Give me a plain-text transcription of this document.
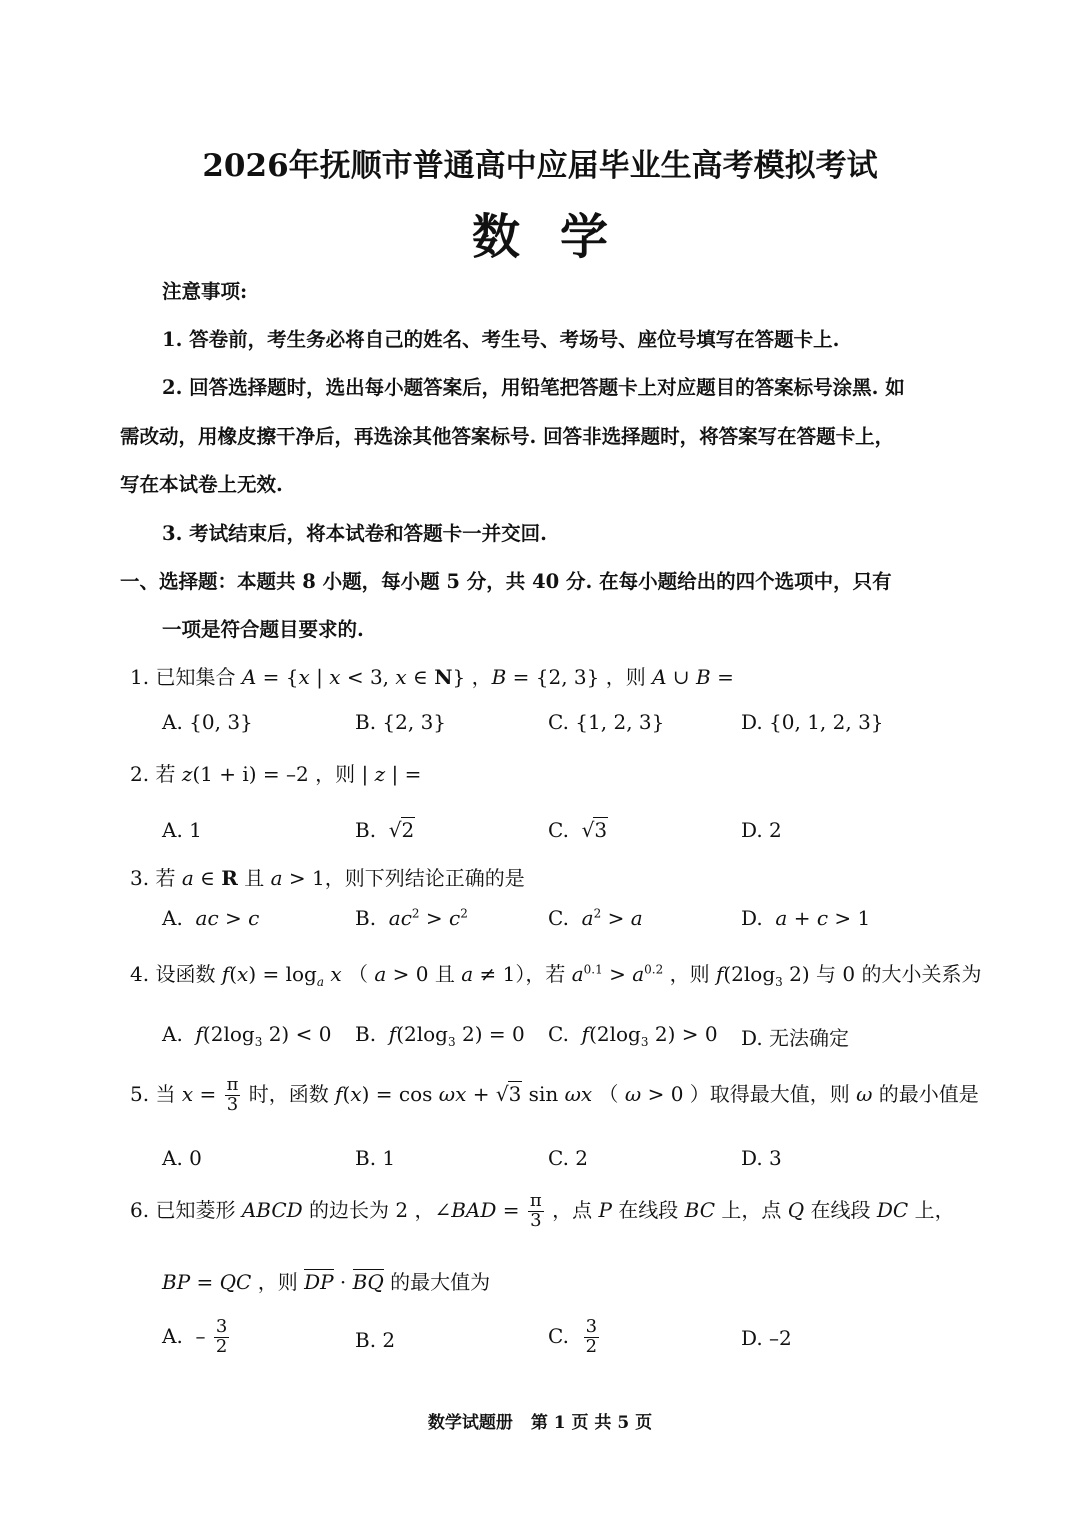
2026年抚顺市普通高中应届毕业生高考模拟考试
数学
注意事项:
1. 答卷前，考生务必将自己的姓名、考生号、考场号、座位号填写在答题卡上.
2. 回答选择题时，选出每小题答案后，用铅笔把答题卡上对应题目的答案标号涂黑. 如
需改动，用橡皮擦干净后，再选涂其他答案标号. 回答非选择题时，将答案写在答题卡上，
写在本试卷上无效.
3. 考试结束后，将本试卷和答题卡一并交回.
一、选择题：本题共 8 小题，每小题 5 分，共 40 分. 在每小题给出的四个选项中，只有
一项是符合题目要求的.
1. 已知集合 A = {x | x < 3, x ∈ N} ，B = {2, 3} ，则 A ∪ B =
A. {0, 3}	B. {2, 3}	C. {1, 2, 3}	D. {0, 1, 2, 3}
2. 若 z(1 + i) = –2 ，则 | z | =
A. 1	B.  √2	C.  √3	D. 2
3. 若 a ∈ R 且 a > 1，则下列结论正确的是
A.  ac > c	B.  $ac^2 > c^2$	C.  $a^2 > a$	D.  a + c > 1
4. 设函数 $f(x) = \log_a x$ （ a > 0 且 a ≠ 1），若 $a^{0.1} > a^{0.2}$ ，则 $f(2\log_3$ 2) 与 0 的大小关系为
A.  $f(2\log_3$ 2) < 0 B.  $f(2\log_3$ 2) = 0 C.  $f(2\log_3$ 2) > 0 D. 无法确定
5. 当 $x = \frac{\pi}{3}$ 时，函数 f(x) = cos ωx + √3 sin ωx （ ω > 0 ）取得最大值，则 ω 的最小值是
A. 0	B. 1	C. 2	D. 3
6. 已知菱形 ABCD 的边长为 2 ，∠BAD = $\frac{\pi}{3}$ ，点 P 在线段 BC 上，点 Q 在线段 DC 上，
BP = QC ，则 DP · BQ 的最大值为
A.  – $\frac{3}{2}$	B. 2	C. $\frac{3}{2}$	D. –2
数学试题册 第 1 页 共 5 页
